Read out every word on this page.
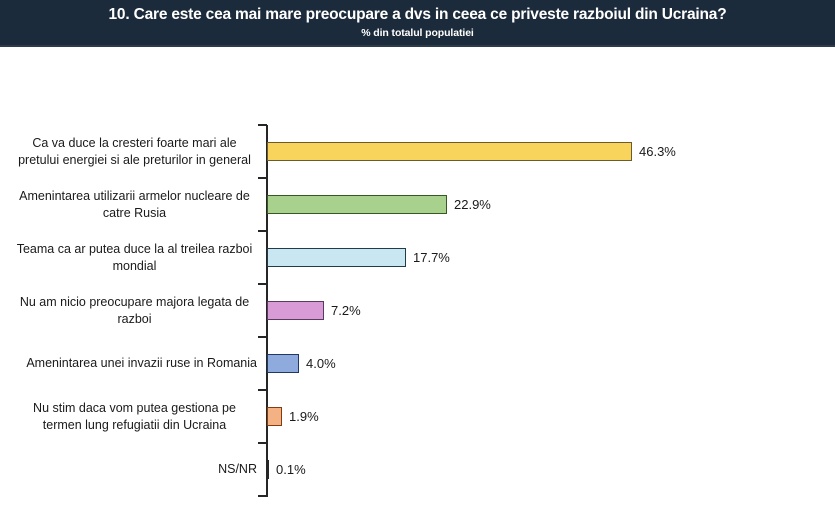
10. Care este cea mai mare preocupare a dvs in ceea ce priveste razboiul din Ucraina?
% din totalul populatiei
Ca va duce la cresteri foarte mari ale pretului energiei si ale preturilor in general
46.3%
Amenintarea utilizarii armelor nucleare de catre Rusia
22.9%
Teama ca ar putea duce la al treilea razboi mondial
17.7%
Nu am nicio preocupare majora legata de razboi
7.2%
Amenintarea unei invazii ruse in Romania	4.0%
Nu stim daca vom putea gestiona pe termen lung refugiatii din Ucraina
1.9%
NS/NR 0.1%
